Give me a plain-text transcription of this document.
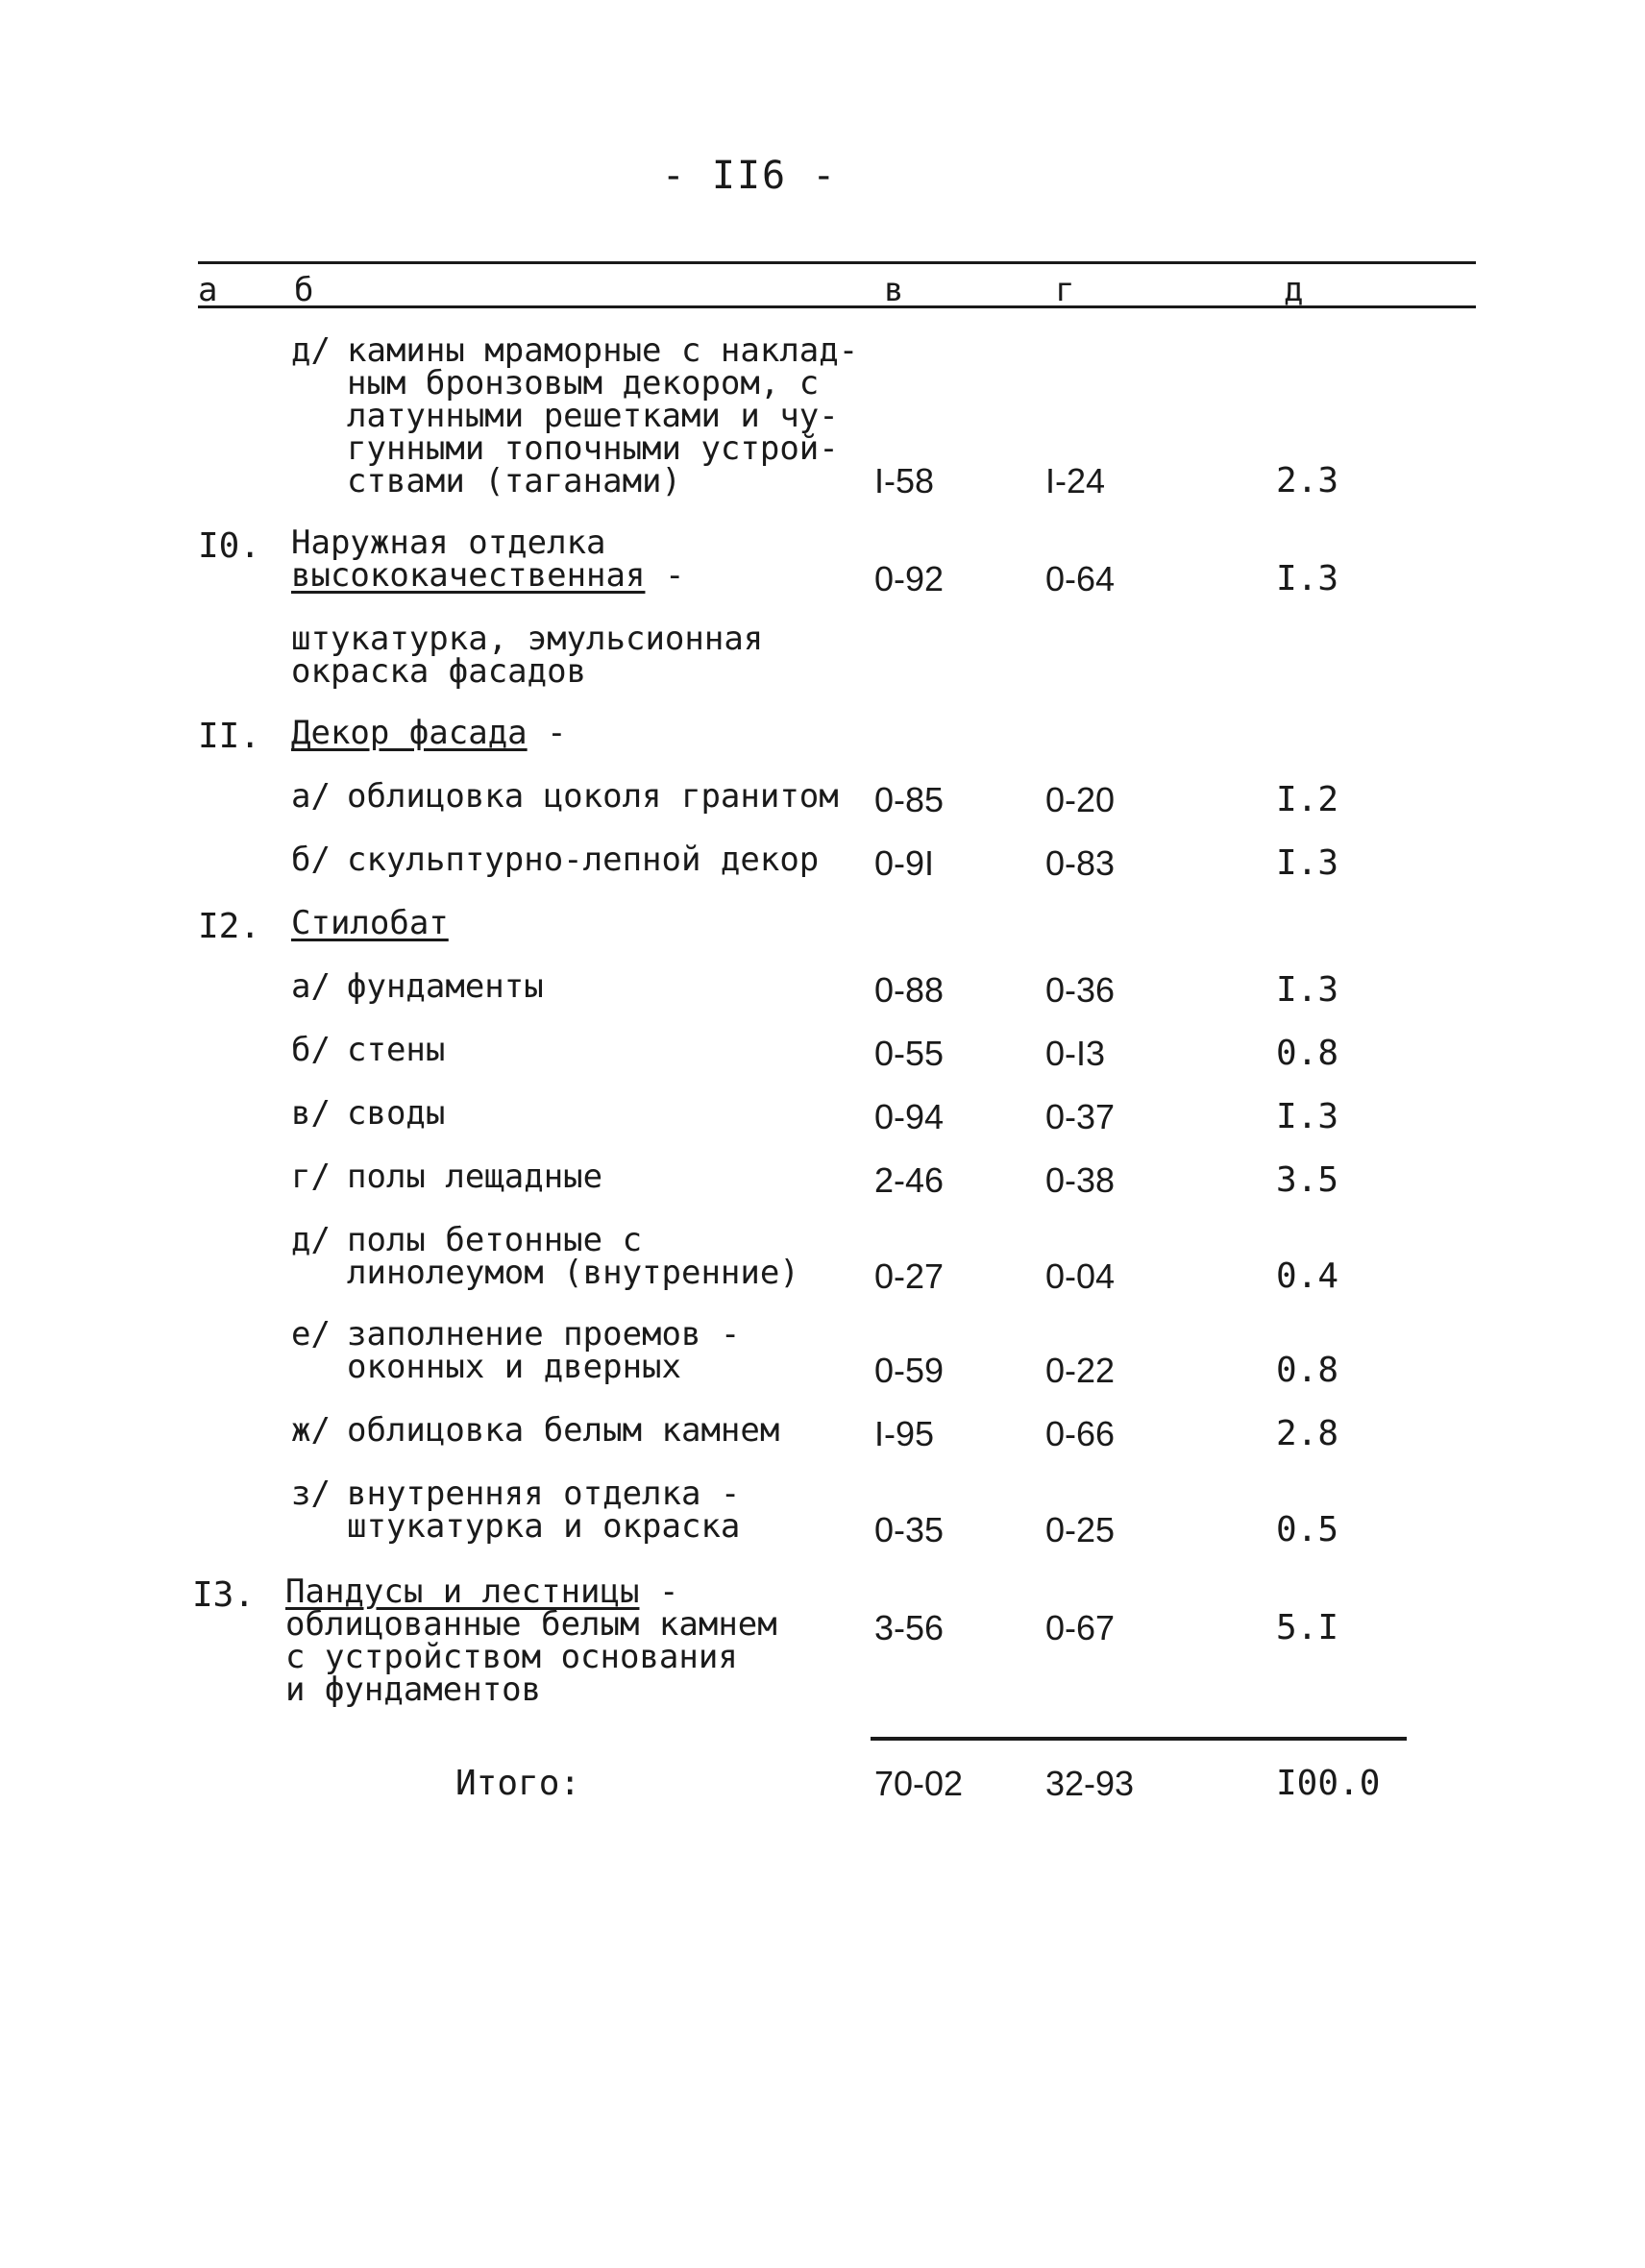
- II6 -
а б	в	г	д
д/ камины мраморные с наклад-
ным бронзовым декором, с
латунными решетками и чу-
гунными топочными устрой-
ствами (таганами)	I-58	I-24	2.3
I0. Наружная отделка
высококачественная -	0-92	0-64	I.3
штукатурка, эмульсионная
окраска фасадов
II. Декор фасада -
а/ облицовка цоколя гранитом	0-85	0-20	I.2
б/ скульптурно-лепной декор	0-9I	0-83	I.3
I2. Стилобат
а/ фундаменты	0-88	0-36	I.3
б/ стены	0-55	0-I3	0.8
в/ своды	0-94	0-37	I.3
г/ полы лещадные	2-46	0-38	3.5
д/ полы бетонные с
линолеумом (внутренние)	0-27	0-04	0.4
е/ заполнение проемов -
оконных и дверных	0-59	0-22	0.8
ж/ облицовка белым камнем	I-95	0-66	2.8
з/ внутренняя отделка -
штукатурка и окраска	0-35	0-25	0.5
I3. Пандусы и лестницы -
облицованные белым камнем
с устройством основания
и фундаментов
3-56	0-67	5.I
Итого:	70-02 32-93	I00.0
